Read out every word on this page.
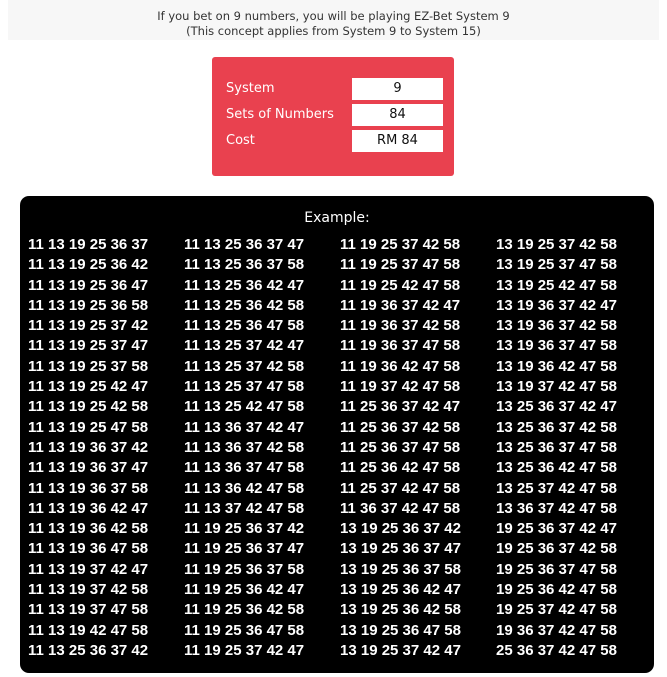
If you bet on 9 numbers, you will be playing EZ-Bet System 9
(This concept applies from System 9 to System 15)
System	9
Sets of Numbers	84
Cost	RM 84
Example:
11 13 19 25 36 37	11 13 25 36 37 47	11 19 25 37 42 58	13 19 25 37 42 58
11 13 19 25 36 42	11 13 25 36 37 58	11 19 25 37 47 58	13 19 25 37 47 58
11 13 19 25 36 47	11 13 25 36 42 47	11 19 25 42 47 58	13 19 25 42 47 58
11 13 19 25 36 58	11 13 25 36 42 58	11 19 36 37 42 47	13 19 36 37 42 47
11 13 19 25 37 42	11 13 25 36 47 58	11 19 36 37 42 58	13 19 36 37 42 58
11 13 19 25 37 47	11 13 25 37 42 47	11 19 36 37 47 58	13 19 36 37 47 58
11 13 19 25 37 58	11 13 25 37 42 58	11 19 36 42 47 58	13 19 36 42 47 58
11 13 19 25 42 47	11 13 25 37 47 58	11 19 37 42 47 58	13 19 37 42 47 58
11 13 19 25 42 58	11 13 25 42 47 58	11 25 36 37 42 47	13 25 36 37 42 47
11 13 19 25 47 58	11 13 36 37 42 47	11 25 36 37 42 58	13 25 36 37 42 58
11 13 19 36 37 42	11 13 36 37 42 58	11 25 36 37 47 58	13 25 36 37 47 58
11 13 19 36 37 47	11 13 36 37 47 58	11 25 36 42 47 58	13 25 36 42 47 58
11 13 19 36 37 58	11 13 36 42 47 58	11 25 37 42 47 58	13 25 37 42 47 58
11 13 19 36 42 47	11 13 37 42 47 58	11 36 37 42 47 58	13 36 37 42 47 58
11 13 19 36 42 58	11 19 25 36 37 42	13 19 25 36 37 42	19 25 36 37 42 47
11 13 19 36 47 58	11 19 25 36 37 47	13 19 25 36 37 47	19 25 36 37 42 58
11 13 19 37 42 47	11 19 25 36 37 58	13 19 25 36 37 58	19 25 36 37 47 58
11 13 19 37 42 58	11 19 25 36 42 47	13 19 25 36 42 47	19 25 36 42 47 58
11 13 19 37 47 58	11 19 25 36 42 58	13 19 25 36 42 58	19 25 37 42 47 58
11 13 19 42 47 58	11 19 25 36 47 58	13 19 25 36 47 58	19 36 37 42 47 58
11 13 25 36 37 42	11 19 25 37 42 47	13 19 25 37 42 47	25 36 37 42 47 58
